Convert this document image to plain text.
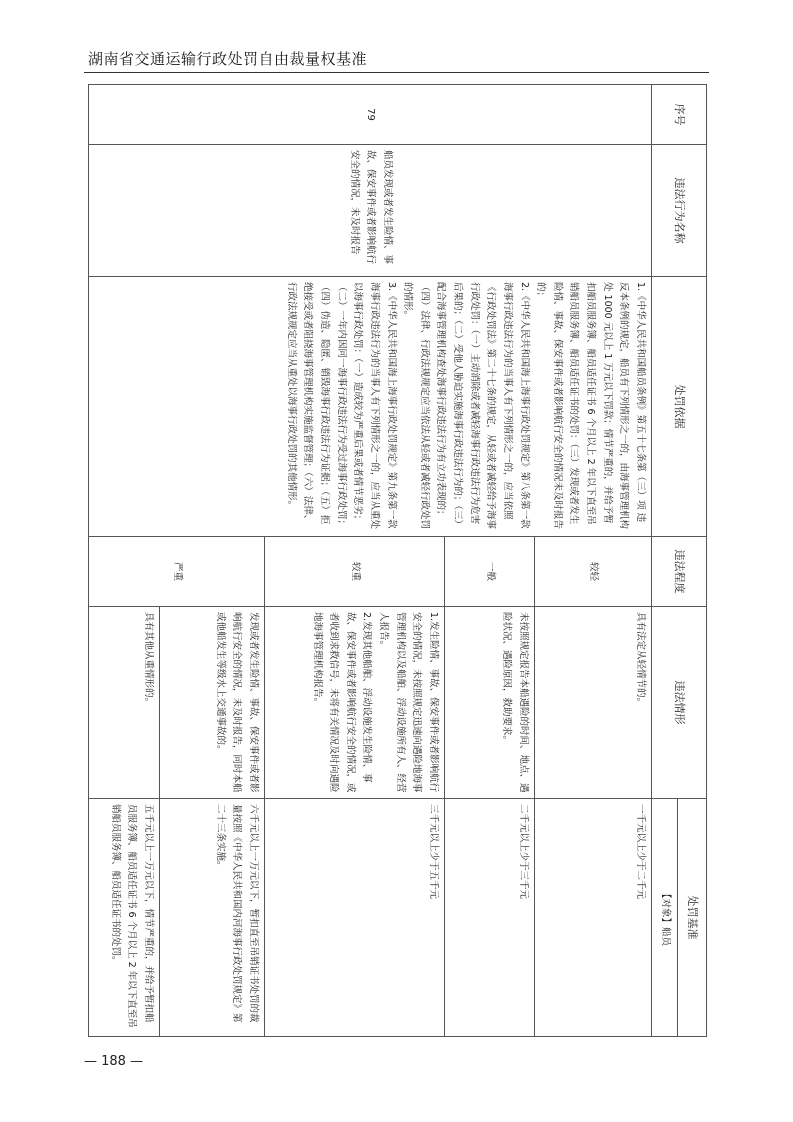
湖南省交通运输行政处罚自由裁量权基准
序号	违法行为名称	处罚依据	违法程度	违法情形	处罚基准
					【对象】船员
79	船员发现或者发生险情、事故、保安事件或者影响航行安全的情况，未及时报告	1.《中华人民共和国船员条例》第五十七条第（三）项 违反本条例的规定，船员有下列情形之一的，由海事管理机构处 1000 元以上 1 万元以下罚款；情节严重的，并给予暂扣船员服务簿、船员适任证书 6 个月以上 2 年以下直至吊销船员服务簿、船员适任证书的处罚：（三）发现或者发生险情、事故、保安事件或者影响航行安全的情况未及时报告的；
2.《中华人民共和国海上海事行政处罚规定》第八条第一款 海事行政违法行为的当事人有下列情形之一的，应当依照《行政处罚法》第二十七条的规定，从轻或者减轻给予海事行政处罚：（一）主动消除或者减轻海事行政违法行为危害后果的；（二）受他人胁迫实施海事行政违法行为的；（三）配合海事管理机构查处海事行政违法行为有立功表现的；（四）法律、行政法规规定应当依法从轻或者减轻行政处罚的情形。
3.《中华人民共和国海上海事行政处罚规定》第九条第一款 海事行政违法行为的当事人有下列情形之一的，应当从重处以海事行政处罚：（一）造成较为严重后果或者情节恶劣；（二）一年内因同一海事行政违法行为受过海事行政处罚；（四）伪造、隐匿、销毁海事行政违法行为证据；（五）拒绝接受或者阻挠海事管理机构实施监督管理；（六）法律、行政法规规定应当从重处以海事行政处罚的其他情形。	较轻	具有法定从轻情节的。	一千元以上少于二千元
			一般	未按照规定报告本船遇险的时间、地点、遇险状况、遇险原因，救助要求。	二千元以上少于三千元
			较重	1.发生险情、事故、保安事件或者影响航行安全的情况，未按照规定迅速向遇险地海事管理机构以及船舶、浮动设施所有人、经营人报告。
2.发现其他船舶、浮动设施发生险情、事故、保安事件或者影响航行安全的情况，或者收到求救信号，未将有关情况及时向遇险地海事管理机构报告。	三千元以上少于五千元
			严重	发现或者发生险情、事故、保安事件或者影响航行安全的情况，未及时报告，同时本船或他船发生等级水上交通事故的。	六千元以上一万元以下，暂扣直至吊销证书处罚的裁量按照《中华人民共和国内河海事行政处罚规定》第二十三条实施。
				具有其他从重情形的。	五千元以上一万元以下，情节严重的，并给予暂扣船员服务簿、船员适任证书 6 个月以上 2 年以下直至吊销船员服务簿、船员适任证书的处罚。
— 188 —
